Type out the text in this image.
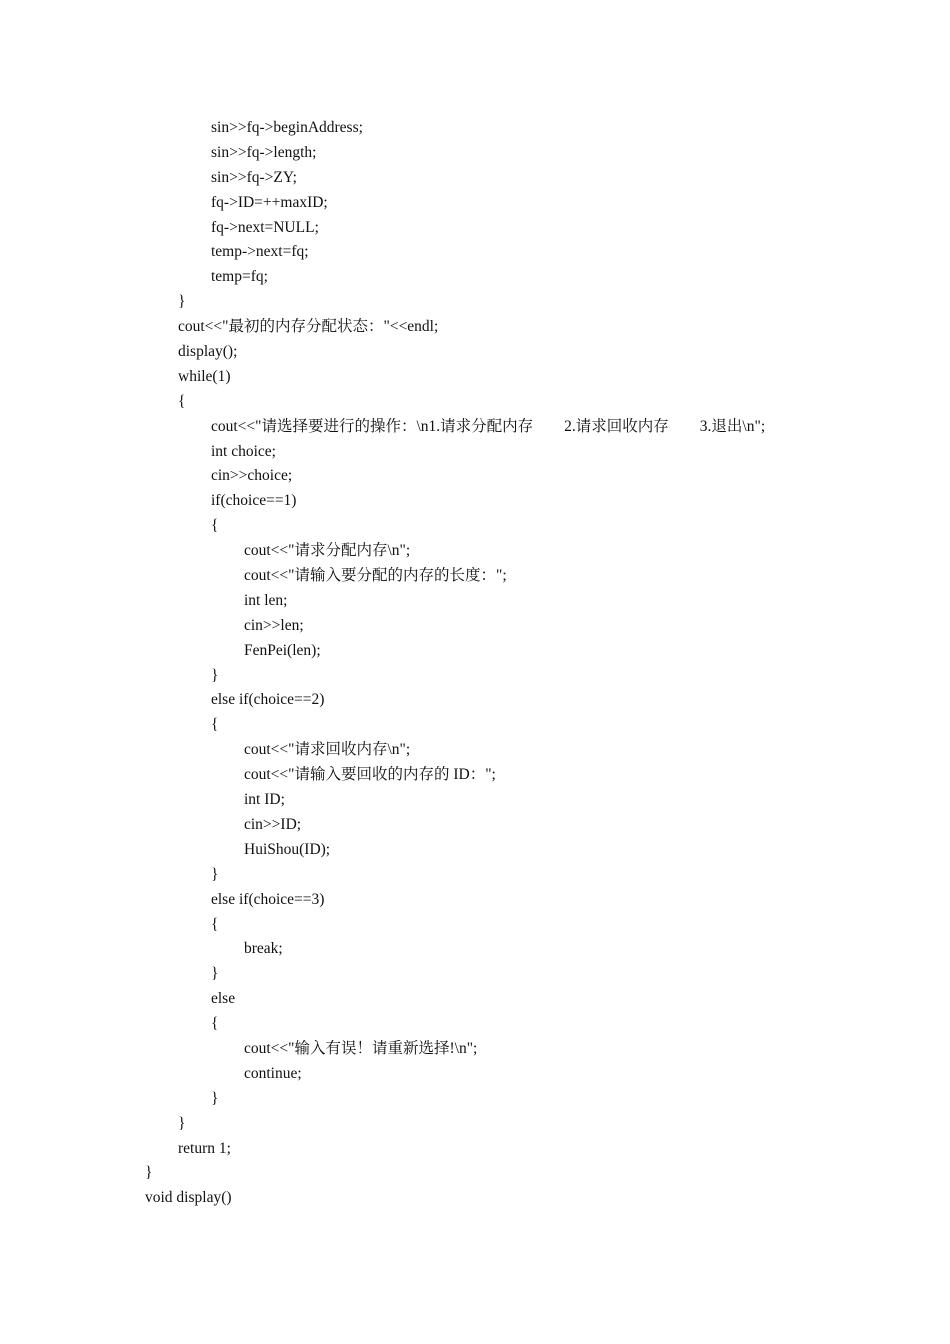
sin>>fq->beginAddress;
sin>>fq->length;
sin>>fq->ZY;
fq->ID=++maxID;
fq->next=NULL;
temp->next=fq;
temp=fq;
}
cout<<"最初的内存分配状态："<<endl;
display();
while(1)
{
cout<<"请选择要进行的操作：\n1.请求分配内存        2.请求回收内存        3.退出\n";
int choice;
cin>>choice;
if(choice==1)
{
cout<<"请求分配内存\n";
cout<<"请输入要分配的内存的长度：";
int len;
cin>>len;
FenPei(len);
}
else if(choice==2)
{
cout<<"请求回收内存\n";
cout<<"请输入要回收的内存的 ID：";
int ID;
cin>>ID;
HuiShou(ID);
}
else if(choice==3)
{
break;
}
else
{
cout<<"输入有误！请重新选择!\n";
continue;
}
}
return 1;
}
void display()
